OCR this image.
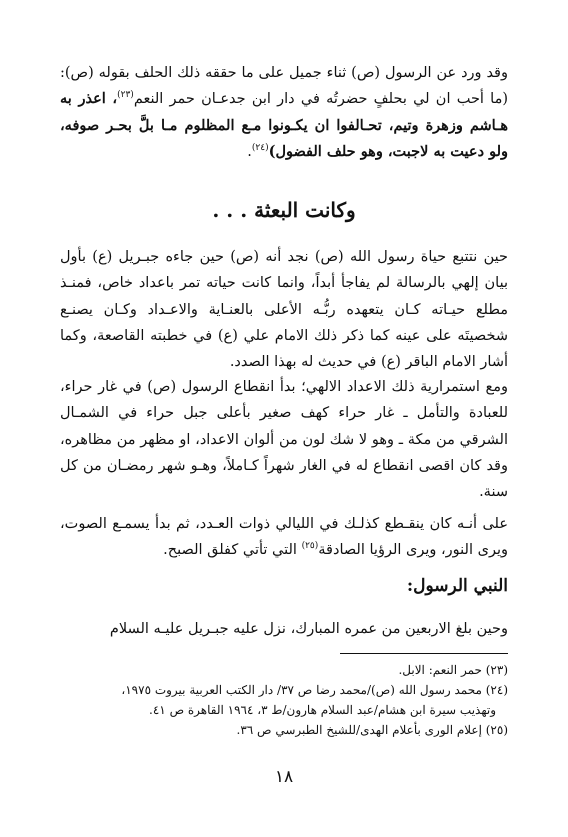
وقد ورد عن الرسول (ص) ثناء جميل على ما حققه ذلك الحلف بقوله (ص): (ما أحب ان لي بحلفٍ حضرتُه في دار ابن جدعـان حمر النعم$^{(٢٣)}$، اعذر به هـاشم وزهرة وتيم، تحـالفوا ان يكـونوا مـع المظلوم مـا بلَّ بحـر صوفه، ولو دعيت به لاجبت، وهو حلف الفضول)$^{(٢٤)}$.

وكانت البعثة . . .

حين نتتبع حياة رسول الله (ص) نجد أنه (ص) حين جاءه جبـريل (ع) بأول بيان إلهي بالرسالة لم يفاجأ أبداً، وانما كانت حياته تمر باعداد خاص، فمنـذ مطلع حيـاته كـان يتعهده ربُّـه الأعلى بالعنـاية والاعـداد وكـان يصنـع شخصيتَه على عينه كما ذكر ذلك الامام علي (ع) في خطبته القاصعة، وكما أشار الامام الباقر (ع) في حديث له بهذا الصدد.

ومع استمرارية ذلك الاعداد الالهي؛ بدأ انقطاع الرسول (ص) في غار حراء، للعبادة والتأمل ـ غار حراء كهف صغير بأعلى جبل حراء في الشمـال الشرقي من مكة ـ وهو لا شك لون من ألوان الاعداد، او مظهر من مظاهره، وقد كان اقصى انقطاع له في الغار شهراً كـاملاً، وهـو شهر رمضـان من كل سنة.

على أنـه كان ينقـطع كذلـك في الليالي ذوات العـدد، ثم بدأ يسمـع الصوت، ويرى النور، ويرى الرؤيا الصادقة$^{(٢٥)}$ التي تأتي كفلق الصبح.

النبي الرسول:

وحين بلغ الاربعين من عمره المبارك، نزل عليه جبـريل عليـه السلام

(٢٣) حمر النعم: الابل.

(٢٤) محمد رسول الله (ص)/محمد رضا ص ٣٧/ دار الكتب العربية بيروت ١٩٧٥،

وتهذيب سيرة ابن هشام/عبد السلام هارون/ط ٣، ١٩٦٤ القاهرة ص ٤١.

(٢٥) إعلام الورى بأعلام الهدى/للشيخ الطبرسي ص ٣٦.

١٨
